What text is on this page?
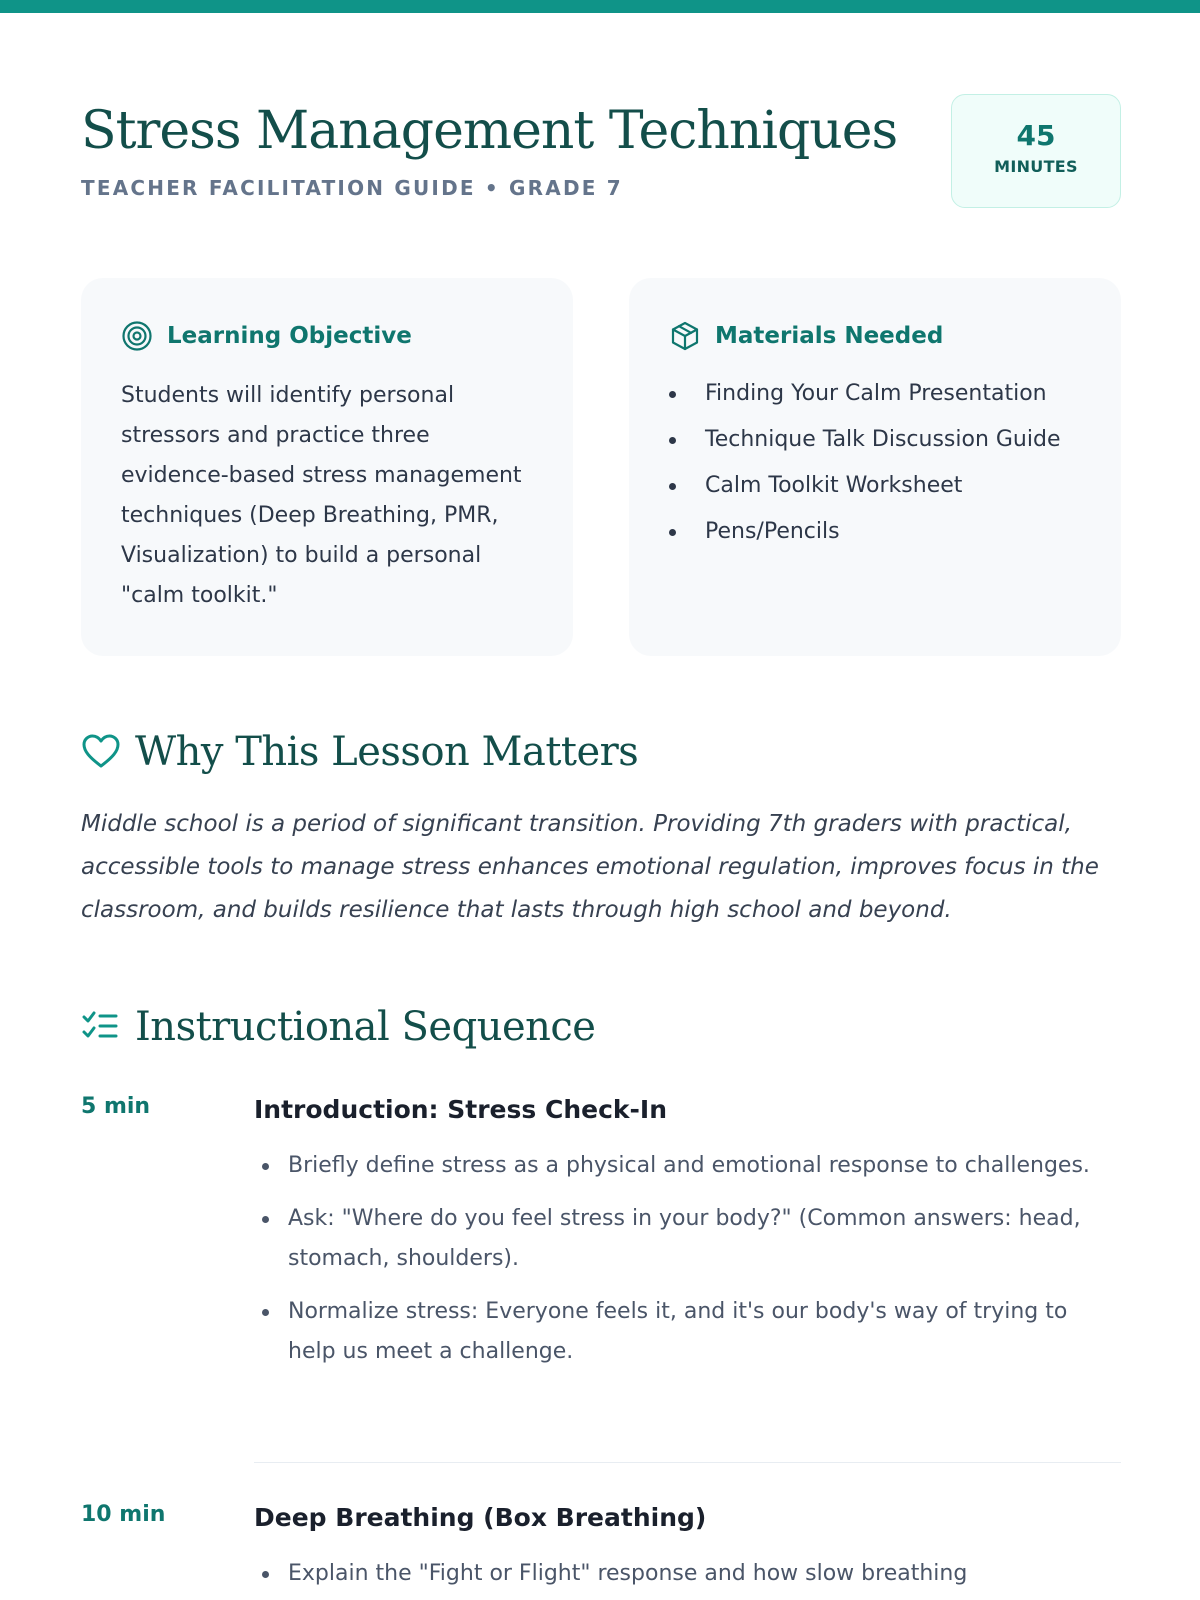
Stress Management Techniques
TEACHER FACILITATION GUIDE • GRADE 7
45
MINUTES
Learning Objective
Students will identify personal stressors and practice three evidence-based stress management techniques (Deep Breathing, PMR, Visualization) to build a personal "calm toolkit."
Materials Needed
Finding Your Calm Presentation
Technique Talk Discussion Guide
Calm Toolkit Worksheet
Pens/Pencils
Why This Lesson Matters
Middle school is a period of significant transition. Providing 7th graders with practical, accessible tools to manage stress enhances emotional regulation, improves focus in the classroom, and builds resilience that lasts through high school and beyond.
Instructional Sequence
5 min	Introduction: Stress Check-In
Briefly define stress as a physical and emotional response to challenges.
Ask: "Where do you feel stress in your body?" (Common answers: head, stomach, shoulders).
Normalize stress: Everyone feels it, and it's our body's way of trying to help us meet a challenge.
10 min	Deep Breathing (Box Breathing)
Explain the "Fight or Flight" response and how slow breathing
